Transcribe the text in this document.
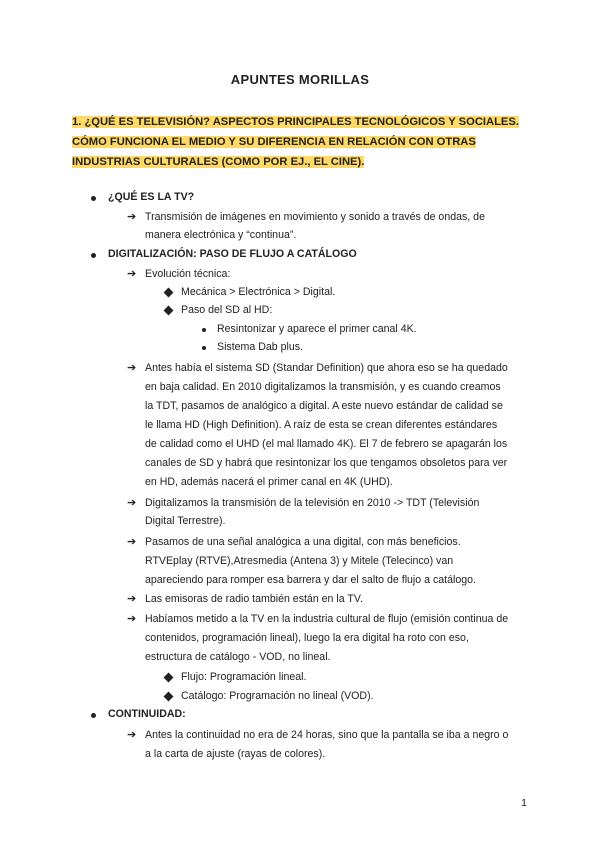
APUNTES MORILLAS
1. ¿QUÉ ES TELEVISIÓN? ASPECTOS PRINCIPALES TECNOLÓGICOS Y SOCIALES.
CÓMO FUNCIONA EL MEDIO Y SU DIFERENCIA EN RELACIÓN CON OTRAS
INDUSTRIAS CULTURALES (COMO POR EJ., EL CINE).
¿QUÉ ES LA TV?
➔ Transmisión de imágenes en movimiento y sonido a través de ondas, de
manera electrónica y “continua”.
DIGITALIZACIÓN: PASO DE FLUJO A CATÁLOGO
➔ Evolución técnica:
Mecánica > Electrónica > Digital.
Paso del SD al HD:
Resintonizar y aparece el primer canal 4K.
Sistema Dab plus.
➔ Antes había el sistema SD (Standar Definition) que ahora eso se ha quedado
en baja calidad. En 2010 digitalizamos la transmisión, y es cuando creamos
la TDT, pasamos de analógico a digital. A este nuevo estándar de calidad se
le llama HD (High Definition). A raíz de esta se crean diferentes estándares
de calidad como el UHD (el mal llamado 4K). El 7 de febrero se apagarán los
canales de SD y habrá que resintonizar los que tengamos obsoletos para ver
en HD, además nacerá el primer canal en 4K (UHD).
➔ Digitalizamos la transmisión de la televisión en 2010 -> TDT (Televisión
Digital Terrestre).
➔ Pasamos de una señal analógica a una digital, con más beneficios.
RTVEplay (RTVE),Atresmedia (Antena 3) y Mitele (Telecinco) van
apareciendo para romper esa barrera y dar el salto de flujo a catálogo.
➔ Las emisoras de radio también están en la TV.
➔ Habíamos metido a la TV en la industria cultural de flujo (emisión continua de
contenidos, programación lineal), luego la era digital ha roto con eso,
estructura de catálogo - VOD, no lineal.
Flujo: Programación lineal.
Catálogo: Programación no lineal (VOD).
CONTINUIDAD:
➔ Antes la continuidad no era de 24 horas, sino que la pantalla se iba a negro o
a la carta de ajuste (rayas de colores).
1
